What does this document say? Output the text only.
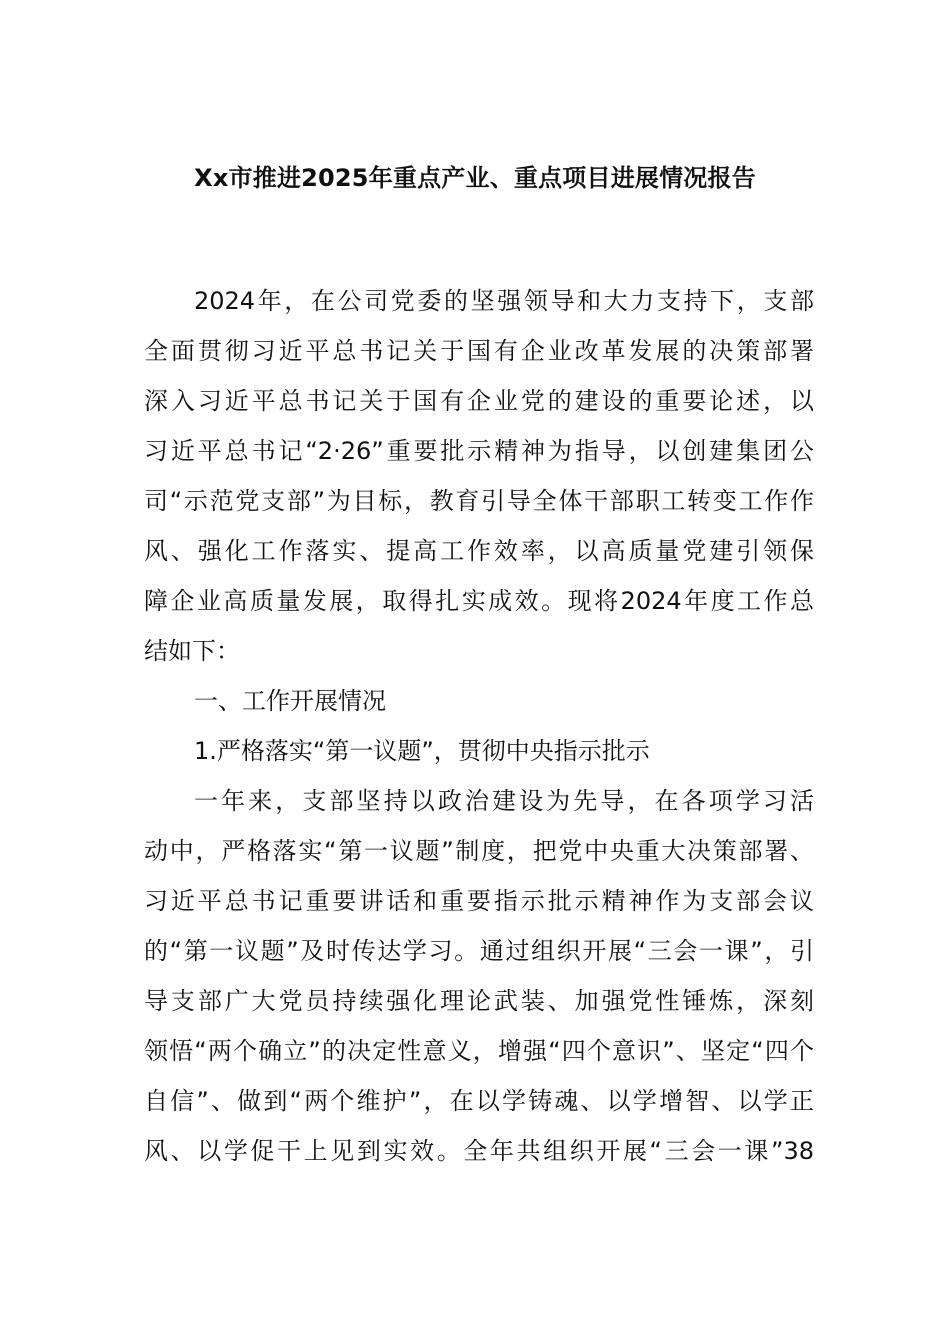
Xx市推进2025年重点产业、重点项目进展情况报告
2024年，在公司党委的坚强领导和大力支持下，支部
全面贯彻习近平总书记关于国有企业改革发展的决策部署
深入习近平总书记关于国有企业党的建设的重要论述，以
习近平总书记“2·26”重要批示精神为指导，以创建集团公
司“示范党支部”为目标，教育引导全体干部职工转变工作作
风、强化工作落实、提高工作效率，以高质量党建引领保
障企业高质量发展，取得扎实成效。现将2024年度工作总
结如下：
一、工作开展情况
1.严格落实“第一议题”，贯彻中央指示批示
一年来，支部坚持以政治建设为先导，在各项学习活
动中，严格落实“第一议题”制度，把党中央重大决策部署、
习近平总书记重要讲话和重要指示批示精神作为支部会议
的“第一议题”及时传达学习。通过组织开展“三会一课”，引
导支部广大党员持续强化理论武装、加强党性锤炼，深刻
领悟“两个确立”的决定性意义，增强“四个意识”、坚定“四个
自信”、做到“两个维护”，在以学铸魂、以学增智、以学正
风、以学促干上见到实效。全年共组织开展“三会一课”38
